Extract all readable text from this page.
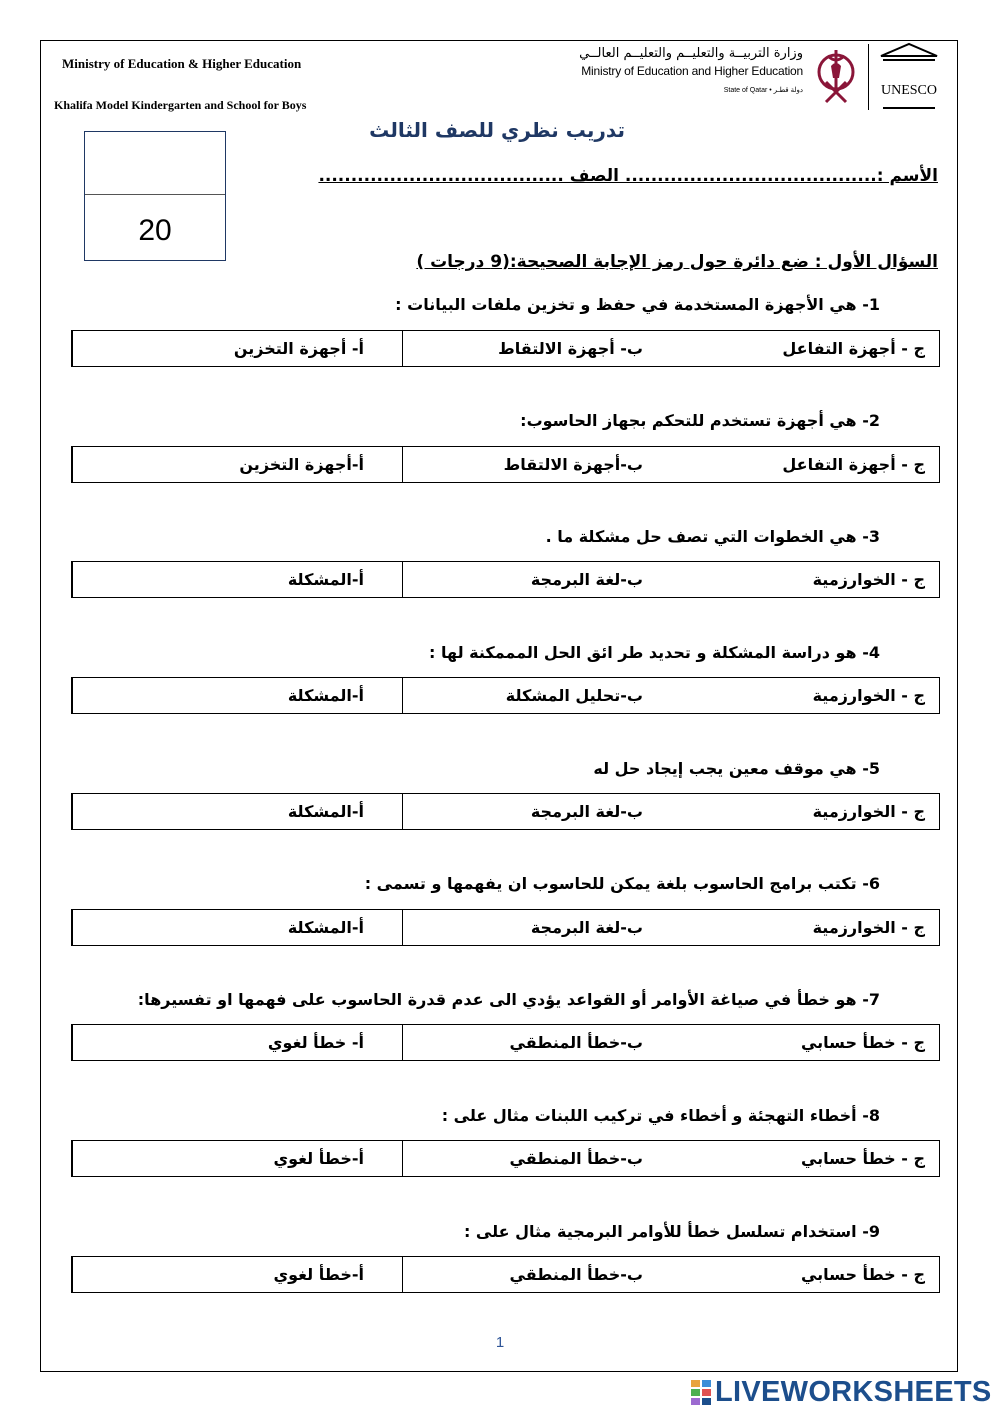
Ministry of Education & Higher Education
Khalifa Model Kindergarten and School for Boys
20
وزارة التربيــة والتعليــم والتعليــم العالــي
Ministry of Education and Higher Education
State of Qatar • دولة قطـر	UNESCO
تدريب نظري للصف الثالث
الأسم :....................................... الصف ......................................
السؤال الأول : ضع دائرة حول رمز الإجابة الصحيحة:(9 درجات )
1- هي الأجهزة المستخدمة في حفظ و تخزين ملفات البيانات :
أ- أجهزة التخزين	ب- أجهزة الالتقاط	ج - أجهزة التفاعل
2- هي أجهزة تستخدم للتحكم بجهاز الحاسوب:
أ-أجهزة التخزين	ب-أجهزة الالتقاط	ج - أجهزة التفاعل
3- هي الخطوات التي تصف حل مشكلة ما .
أ-المشكلة	ب-لغة البرمجة	ج - الخوارزمية
4- هو دراسة المشكلة و تحديد طر ائق الحل المممكنة لها :
أ-المشكلة	ب-تحليل المشكلة	ج - الخوارزمية
5- هي موقف معين يجب إيجاد حل له
أ-المشكلة	ب-لغة البرمجة	ج - الخوارزمية
6- تكتب برامج الحاسوب بلغة يمكن للحاسوب ان يفهمها و تسمى :
أ-المشكلة	ب-لغة البرمجة	ج - الخوارزمية
7- هو خطأ في صياغة الأوامر أو القواعد يؤدي الى عدم قدرة الحاسوب على فهمها او تفسيرها:
أ- خطأ لغوي	ب-خطأ المنطقي	ج - خطأ حسابي
8- أخطاء التهجئة و أخطاء في تركيب اللبنات مثال على :
أ-خطأ لغوي	ب-خطأ المنطقي	ج - خطأ حسابي
9- استخدام تسلسل خطأ للأوامر البرمجية مثال على :
أ-خطأ لغوي	ب-خطأ المنطقي	ج - خطأ حسابي
1
LIVEWORKSHEETS
